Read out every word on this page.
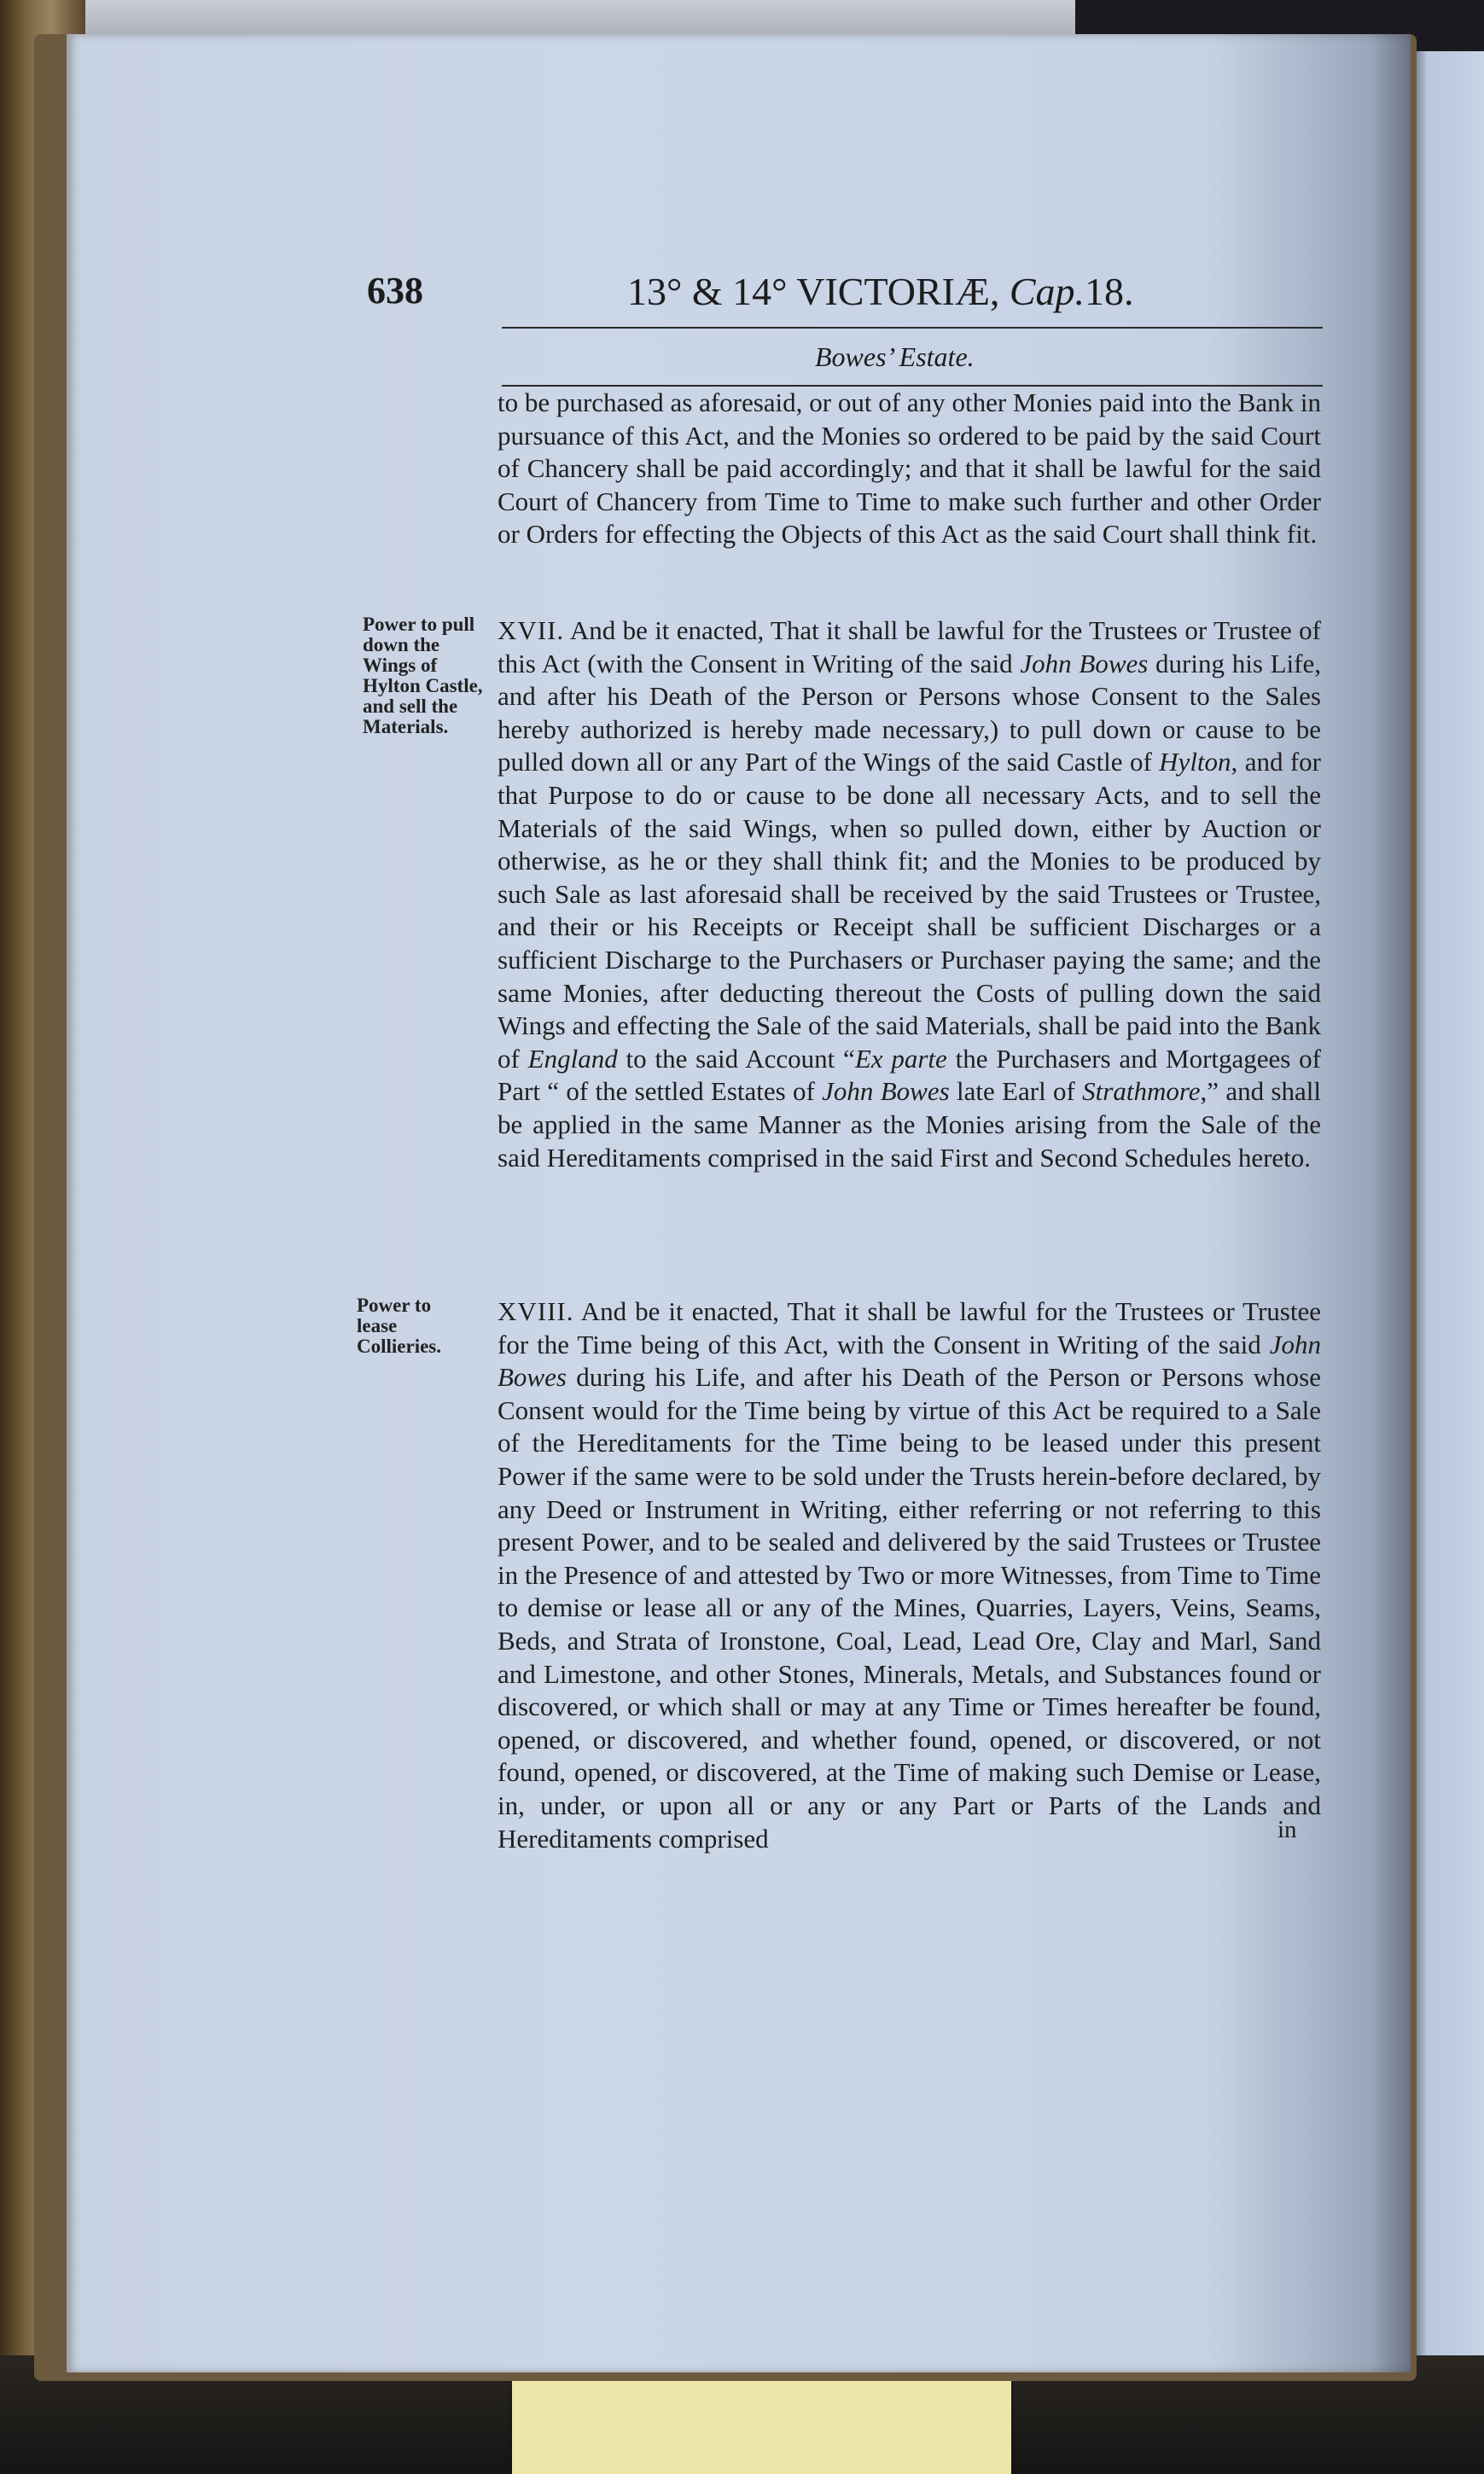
638	13° & 14° VICTORIÆ, Cap.18.
Bowes’ Estate.

to be purchased as aforesaid, or out of any other Monies paid into the Bank in pursuance of this Act, and the Monies so ordered to be paid by the said Court of Chancery shall be paid accordingly; and that it shall be lawful for the said Court of Chancery from Time to Time to make such further and other Order or Orders for effecting the Objects of this Act as the said Court shall think fit.

Power to pull down the Wings of Hylton Castle, and sell the Materials.

XVII. And be it enacted, That it shall be lawful for the Trustees or Trustee of this Act (with the Consent in Writing of the said John Bowes during his Life, and after his Death of the Person or Persons whose Consent to the Sales hereby authorized is hereby made necessary,) to pull down or cause to be pulled down all or any Part of the Wings of the said Castle of Hylton, and for that Purpose to do or cause to be done all necessary Acts, and to sell the Materials of the said Wings, when so pulled down, either by Auction or otherwise, as he or they shall think fit; and the Monies to be produced by such Sale as last aforesaid shall be received by the said Trustees or Trustee, and their or his Receipts or Receipt shall be sufficient Discharges or a sufficient Discharge to the Purchasers or Purchaser paying the same; and the same Monies, after deducting thereout the Costs of pulling down the said Wings and effecting the Sale of the said Materials, shall be paid into the Bank of England to the said Account “Ex parte the Purchasers and Mortgagees of Part “ of the settled Estates of John Bowes late Earl of Strathmore,” and shall be applied in the same Manner as the Monies arising from the Sale of the said Hereditaments comprised in the said First and Second Schedules hereto.

Power to lease Collieries.

XVIII. And be it enacted, That it shall be lawful for the Trustees or Trustee for the Time being of this Act, with the Consent in Writing of the said John Bowes during his Life, and after his Death of the Person or Persons whose Consent would for the Time being by virtue of this Act be required to a Sale of the Hereditaments for the Time being to be leased under this present Power if the same were to be sold under the Trusts herein-before declared, by any Deed or Instrument in Writing, either referring or not referring to this present Power, and to be sealed and delivered by the said Trustees or Trustee in the Presence of and attested by Two or more Witnesses, from Time to Time to demise or lease all or any of the Mines, Quarries, Layers, Veins, Seams, Beds, and Strata of Ironstone, Coal, Lead, Lead Ore, Clay and Marl, Sand and Limestone, and other Stones, Minerals, Metals, and Substances found or discovered, or which shall or may at any Time or Times hereafter be found, opened, or discovered, and whether found, opened, or discovered, or not found, opened, or discovered, at the Time of making such Demise or Lease, in, under, or upon all or any or any Part or Parts of the Lands and Hereditaments comprised	in
